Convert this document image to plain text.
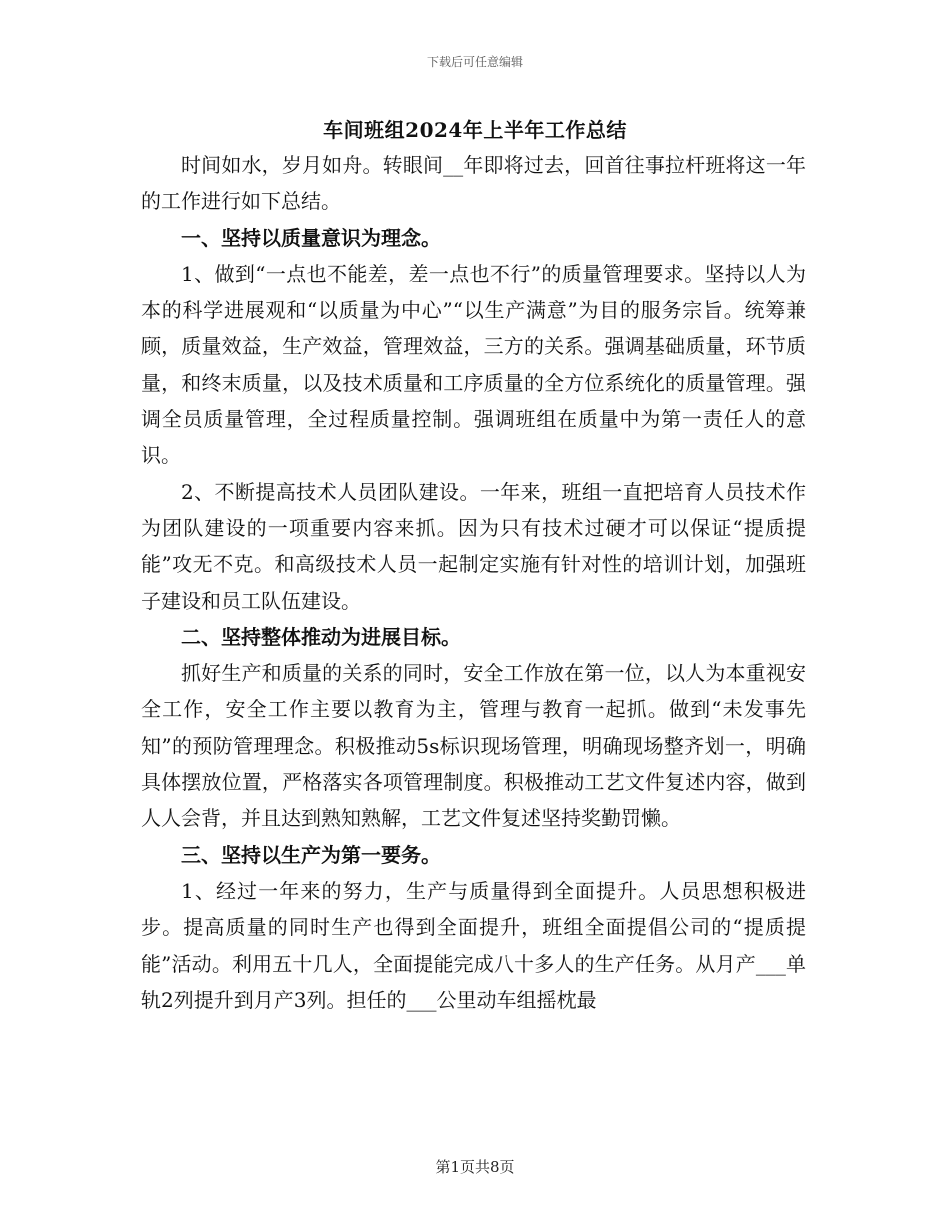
下载后可任意编辑
车间班组2024年上半年工作总结

时间如水，岁月如舟。转眼间__年即将过去，回首往事拉杆班将这一年的工作进行如下总结。

一、坚持以质量意识为理念。

1、做到“一点也不能差，差一点也不行”的质量管理要求。坚持以人为本的科学进展观和“以质量为中心”“以生产满意”为目的服务宗旨。统筹兼顾，质量效益，生产效益，管理效益，三方的关系。强调基础质量，环节质量，和终末质量，以及技术质量和工序质量的全方位系统化的质量管理。强调全员质量管理，全过程质量控制。强调班组在质量中为第一责任人的意识。

2、不断提高技术人员团队建设。一年来，班组一直把培育人员技术作为团队建设的一项重要内容来抓。因为只有技术过硬才可以保证“提质提能”攻无不克。和高级技术人员一起制定实施有针对性的培训计划，加强班子建设和员工队伍建设。

二、坚持整体推动为进展目标。

抓好生产和质量的关系的同时，安全工作放在第一位，以人为本重视安全工作，安全工作主要以教育为主，管理与教育一起抓。做到“未发事先知”的预防管理理念。积极推动5s标识现场管理，明确现场整齐划一，明确具体摆放位置，严格落实各项管理制度。积极推动工艺文件复述内容，做到人人会背，并且达到熟知熟解，工艺文件复述坚持奖勤罚懒。

三、坚持以生产为第一要务。

1、经过一年来的努力，生产与质量得到全面提升。人员思想积极进步。提高质量的同时生产也得到全面提升，班组全面提倡公司的“提质提能”活动。利用五十几人，全面提能完成八十多人的生产任务。从月产___单轨2列提升到月产3列。担任的___公里动车组摇枕最

第1页共8页
